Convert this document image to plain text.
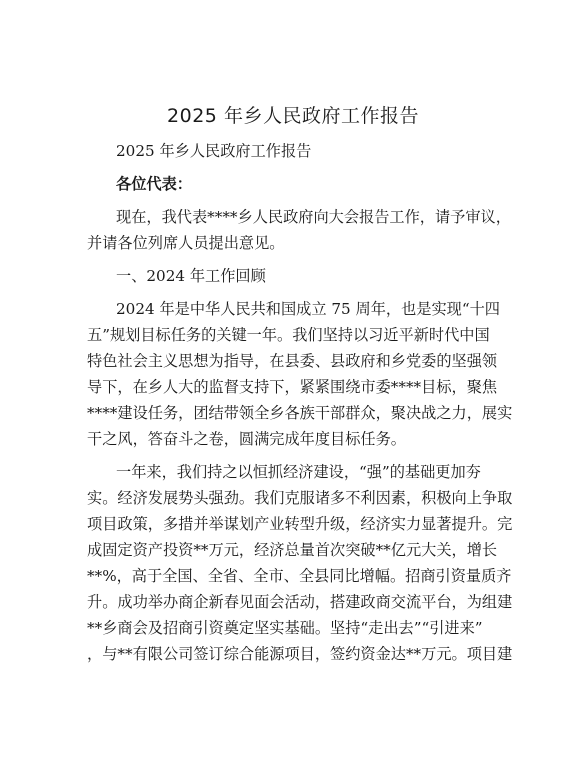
2025 年乡人民政府工作报告
2025 年乡人民政府工作报告
各位代表：
现在，我代表****乡人民政府向大会报告工作，请予审议，
并请各位列席人员提出意见。
一、2024 年工作回顾
2024 年是中华人民共和国成立 75 周年，也是实现“十四
五”规划目标任务的关键一年。我们坚持以习近平新时代中国
特色社会主义思想为指导，在县委、县政府和乡党委的坚强领
导下，在乡人大的监督支持下，紧紧围绕市委****目标，聚焦
****建设任务，团结带领全乡各族干部群众，聚决战之力，展实
干之风，答奋斗之卷，圆满完成年度目标任务。
一年来，我们持之以恒抓经济建设，“强”的基础更加夯
实。经济发展势头强劲。我们克服诸多不利因素，积极向上争取
项目政策，多措并举谋划产业转型升级，经济实力显著提升。完
成固定资产投资**万元，经济总量首次突破**亿元大关，增长
**%，高于全国、全省、全市、全县同比增幅。招商引资量质齐
升。成功举办商企新春见面会活动，搭建政商交流平台，为组建
**乡商会及招商引资奠定坚实基础。坚持“走出去”“引进来”
，与**有限公司签订综合能源项目，签约资金达**万元。项目建
